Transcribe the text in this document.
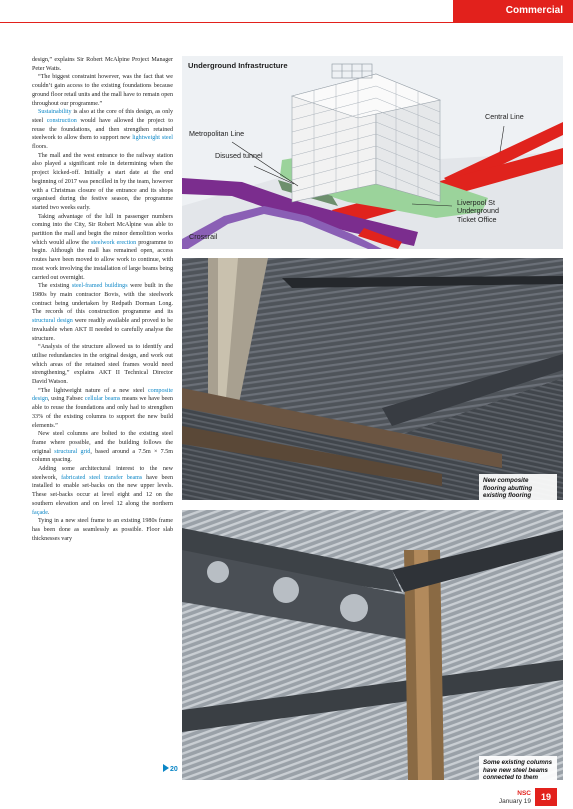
Commercial

design,” explains Sir Robert McAlpine Project Manager Peter Watts.

“The biggest constraint however, was the fact that we couldn’t gain access to the existing foundations because ground floor retail units and the mall have to remain open throughout our programme.”

Sustainability is also at the core of this design, as only steel construction would have allowed the project to reuse the foundations, and then strengthen retained steelwork to allow them to support new lightweight steel floors.

The mall and the west entrance to the railway station also played a significant role in determining when the project kicked-off. Initially a start date at the end beginning of 2017 was pencilled in by the team, however with a Christmas closure of the entrance and its shops organised during the festive season, the programme started two weeks early.

Taking advantage of the lull in passenger numbers coming into the City, Sir Robert McAlpine was able to partition the mall and begin the minor demolition works which would allow the steelwork erection programme to begin. Although the mall has remained open, access routes have been moved to allow work to continue, with most work involving the installation of large beams being carried out overnight.

The existing steel-framed buildings were built in the 1980s by main contractor Bovis, with the steelwork contract being undertaken by Redpath Dorman Long. The records of this construction programme and its structural design were readily available and proved to be invaluable when AKT II needed to carefully analyse the structure.

“Analysis of the structure allowed us to identify and utilise redundancies in the original design, and work out which areas of the retained steel frames would need strengthening,” explains AKT II Technical Director David Watson.

“The lightweight nature of a new steel composite design, using Fabsec cellular beams means we have been able to reuse the foundations and only had to strengthen 33% of the existing columns to support the new build elements.”

New steel columns are bolted to the existing steel frame where possible, and the building follows the original structural grid, based around a 7.5m × 7.5m column spacing.

Adding some architectural interest to the new steelwork, fabricated steel transfer beams have been installed to enable set-backs on the new upper levels. These set-backs occur at level eight and 12 on the southern elevation and on level 12 along the northern façade.

Tying in a new steel frame to an existing 1980s frame has been done as seamlessly as possible. Floor slab thicknesses vary

20
Underground Infrastructure
Metropolitan Line
Disused tunnel
Central Line
Liverpool St
Underground
Ticket Office
Crossrail
New composite flooring abutting existing flooring
Some existing columns have new steel beams connected to them
NSC
January 19	19
